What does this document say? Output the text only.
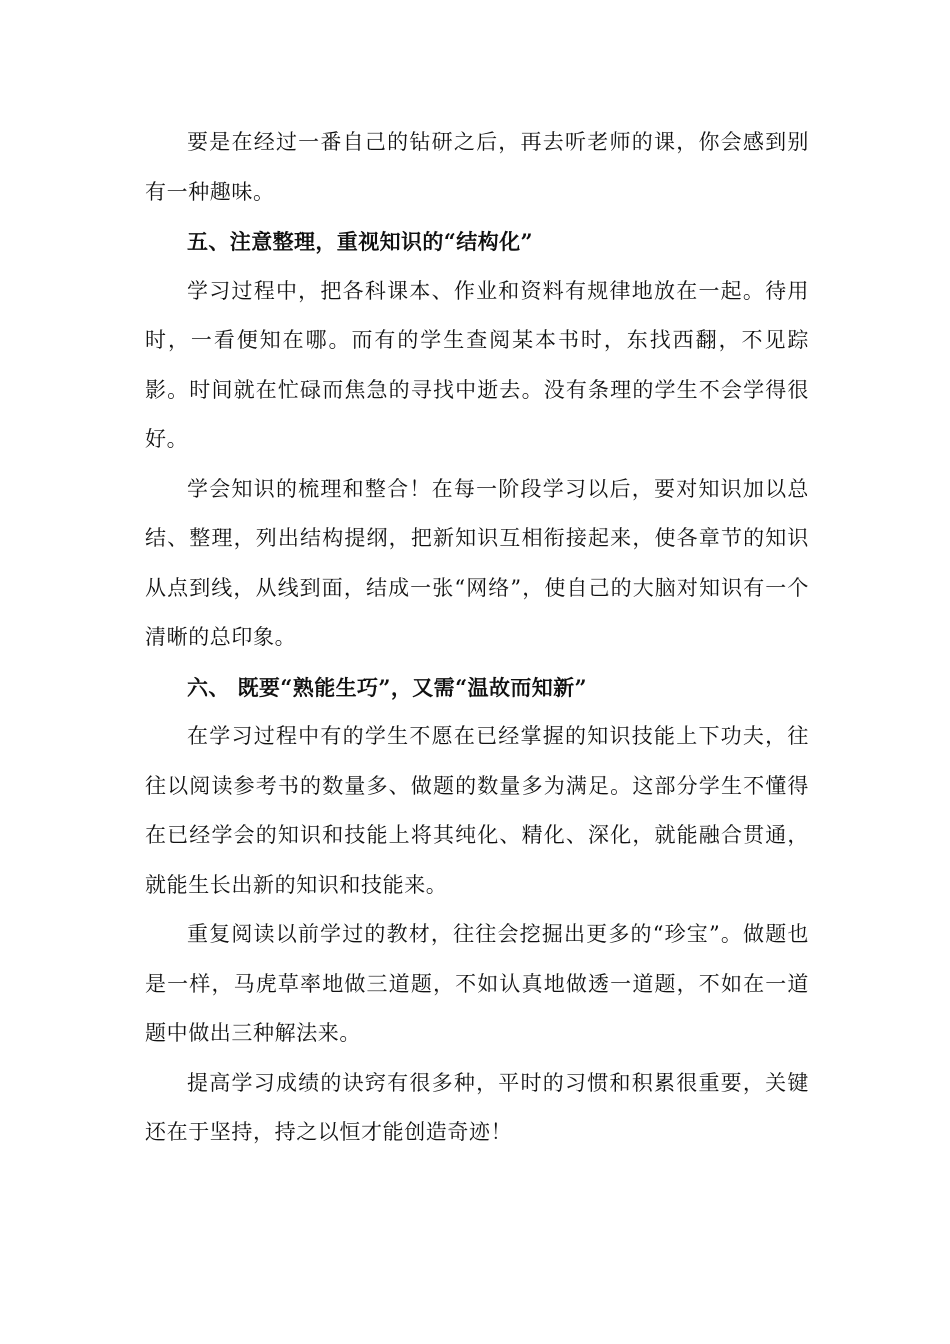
要是在经过一番自己的钻研之后，再去听老师的课，你会感到别有一种趣味。

五、注意整理，重视知识的“结构化”

学习过程中，把各科课本、作业和资料有规律地放在一起。待用时，一看便知在哪。而有的学生查阅某本书时，东找西翻，不见踪影。时间就在忙碌而焦急的寻找中逝去。没有条理的学生不会学得很好。

学会知识的梳理和整合！在每一阶段学习以后，要对知识加以总结、整理，列出结构提纲，把新知识互相衔接起来，使各章节的知识从点到线，从线到面，结成一张“网络”，使自己的大脑对知识有一个清晰的总印象。

六、 既要“熟能生巧”，又需“温故而知新”

在学习过程中有的学生不愿在已经掌握的知识技能上下功夫，往往以阅读参考书的数量多、做题的数量多为满足。这部分学生不懂得在已经学会的知识和技能上将其纯化、精化、深化，就能融合贯通，就能生长出新的知识和技能来。

重复阅读以前学过的教材，往往会挖掘出更多的“珍宝”。做题也是一样，马虎草率地做三道题，不如认真地做透一道题，不如在一道题中做出三种解法来。

提高学习成绩的诀窍有很多种，平时的习惯和积累很重要，关键还在于坚持，持之以恒才能创造奇迹！
